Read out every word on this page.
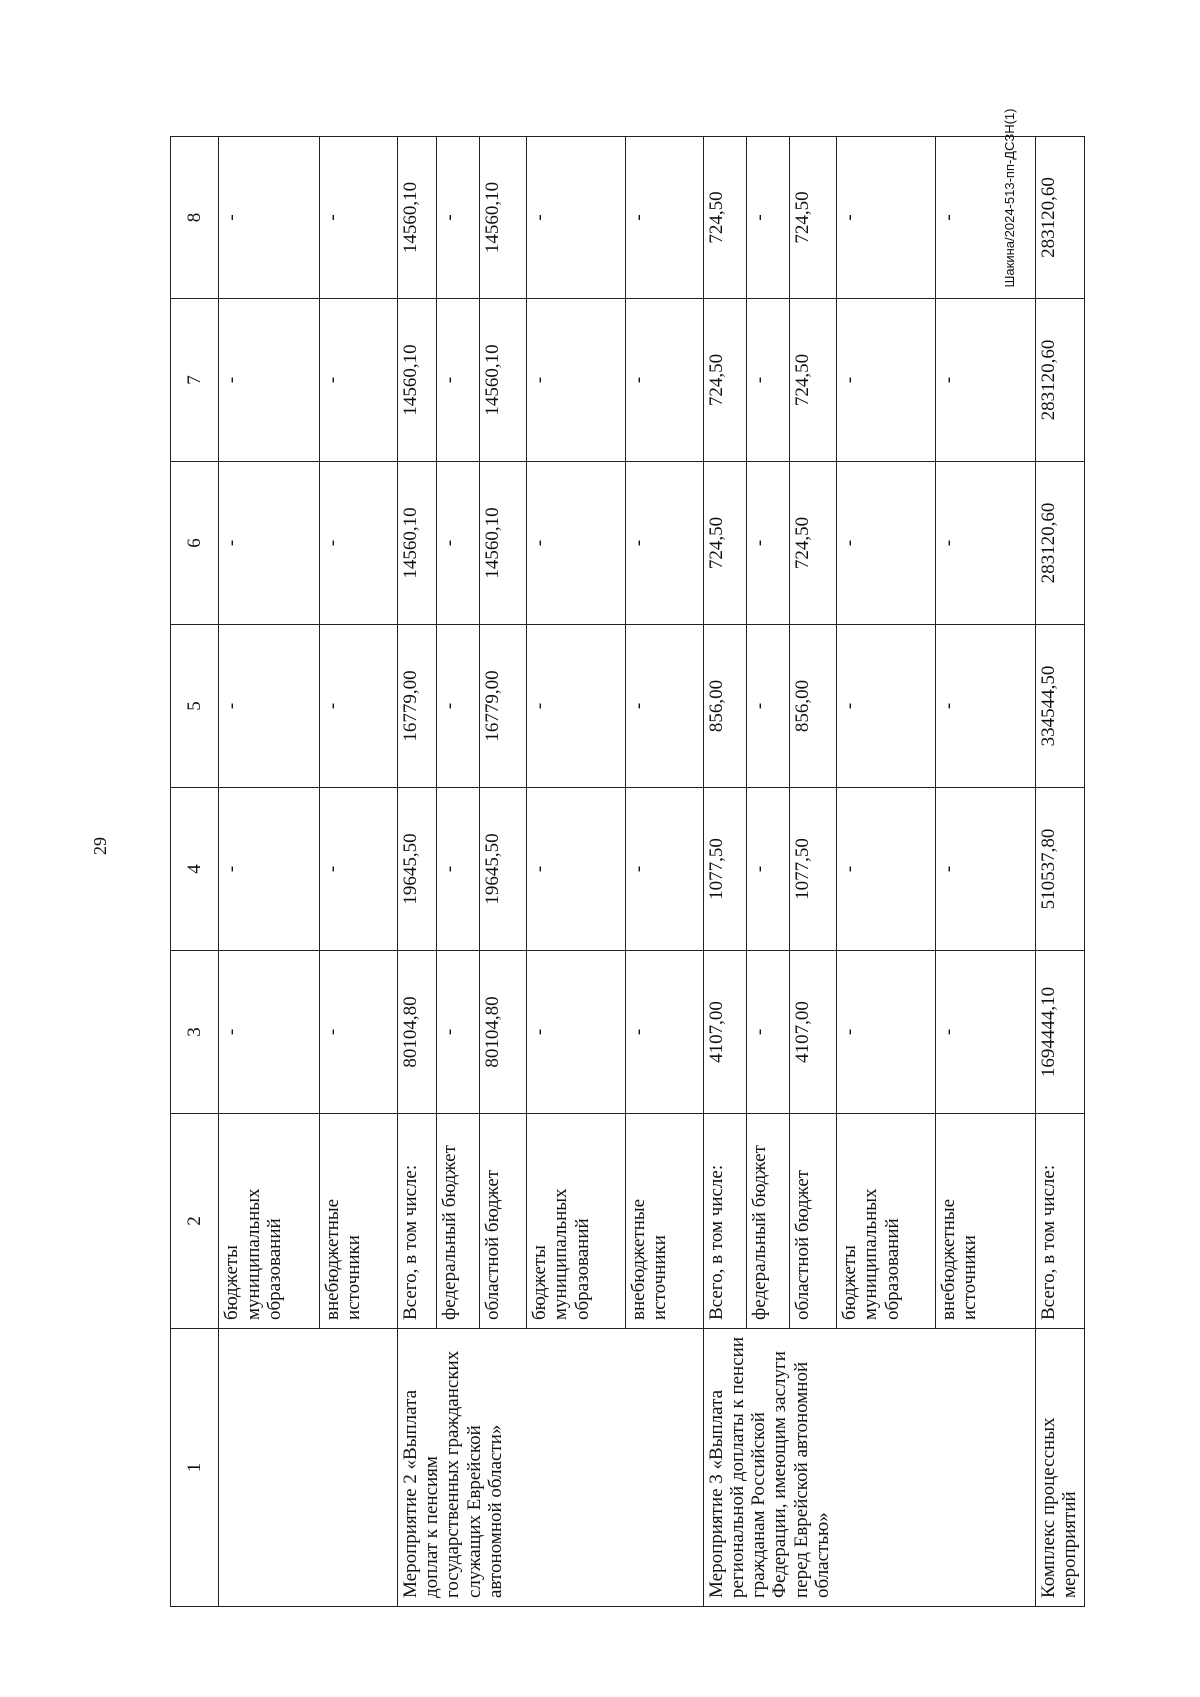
29
Шакина/2024-513-пп-ДСЗН(1)
1	2	3	4	5	6	7	8
	бюджеты муниципальных образований	-	-	-	-	-	-
	внебюджетные источники	-	-	-	-	-	-
Мероприятие 2 «Выплата доплат к пенсиям государственных гражданских служащих Еврейской автономной области»	Всего, в том числе:	80104,80	19645,50	16779,00	14560,10	14560,10	14560,10
	федеральный бюджет	-	-	-	-	-	-
	областной бюджет	80104,80	19645,50	16779,00	14560,10	14560,10	14560,10
	бюджеты муниципальных образований	-	-	-	-	-	-
	внебюджетные источники	-	-	-	-	-	-
Мероприятие 3 «Выплата региональной доплаты к пенсии гражданам Российской Федерации, имеющим заслуги перед Еврейской автономной областью»	Всего, в том числе:	4107,00	1077,50	856,00	724,50	724,50	724,50
	федеральный бюджет	-	-	-	-	-	-
	областной бюджет	4107,00	1077,50	856,00	724,50	724,50	724,50
	бюджеты муниципальных образований	-	-	-	-	-	-
	внебюджетные источники	-	-	-	-	-	-
Комплекс процессных мероприятий	Всего, в том числе:	1694444,10	510537,80	334544,50	283120,60	283120,60	283120,60
